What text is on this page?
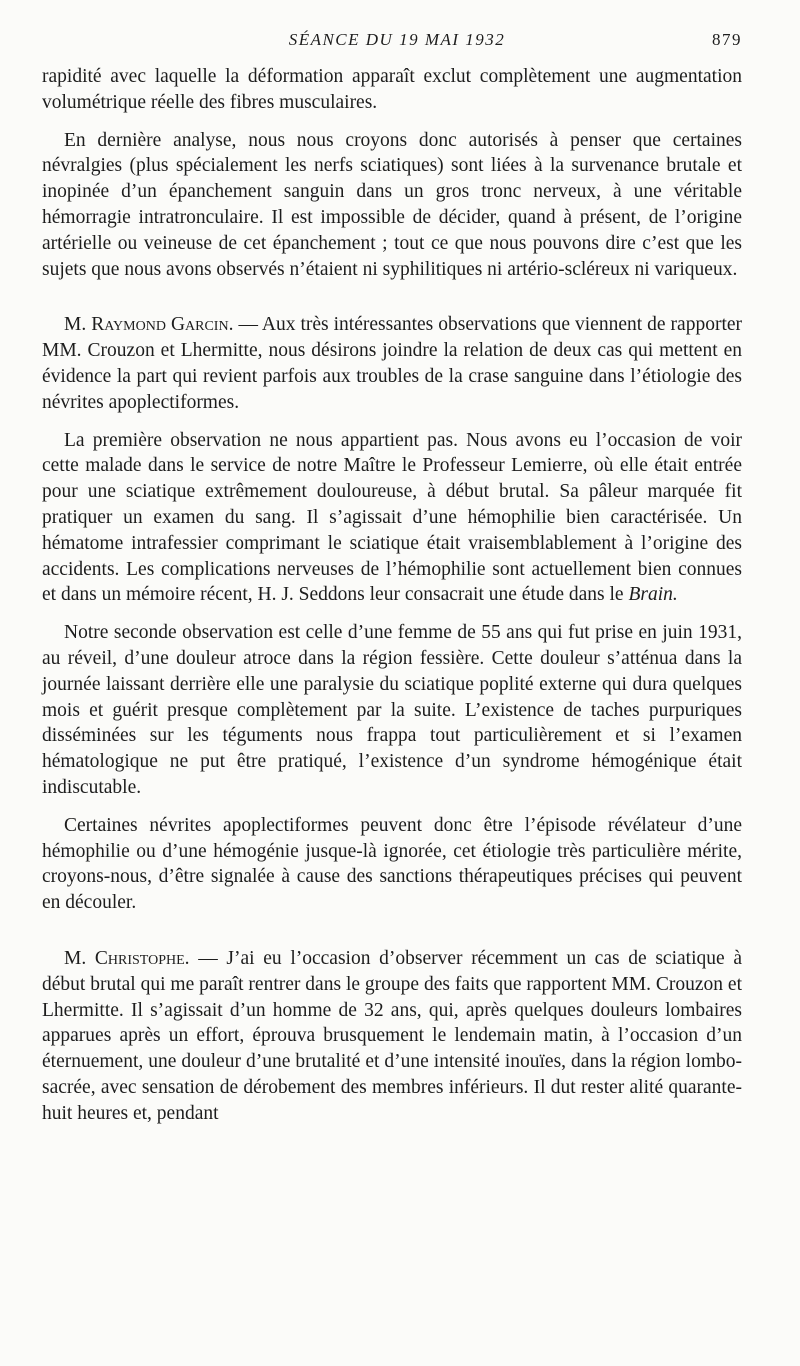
SÉANCE DU 19 MAI 1932	879

rapidité avec laquelle la déformation apparaît exclut complètement une augmentation volumétrique réelle des fibres musculaires.

En dernière analyse, nous nous croyons donc autorisés à penser que certaines névralgies (plus spécialement les nerfs sciatiques) sont liées à la survenance brutale et inopinée d’un épanchement sanguin dans un gros tronc nerveux, à une véritable hémorragie intratronculaire. Il est impossible de décider, quand à présent, de l’origine artérielle ou veineuse de cet épanchement ; tout ce que nous pouvons dire c’est que les sujets que nous avons observés n’étaient ni syphilitiques ni artério-scléreux ni variqueux.

M. Raymond Garcin. — Aux très intéressantes observations que viennent de rapporter MM. Crouzon et Lhermitte, nous désirons joindre la relation de deux cas qui mettent en évidence la part qui revient parfois aux troubles de la crase sanguine dans l’étiologie des névrites apoplectiformes.

La première observation ne nous appartient pas. Nous avons eu l’occasion de voir cette malade dans le service de notre Maître le Professeur Lemierre, où elle était entrée pour une sciatique extrêmement douloureuse, à début brutal. Sa pâleur marquée fit pratiquer un examen du sang. Il s’agissait d’une hémophilie bien caractérisée. Un hématome intrafessier comprimant le sciatique était vraisemblablement à l’origine des accidents. Les complications nerveuses de l’hémophilie sont actuellement bien connues et dans un mémoire récent, H. J. Seddons leur consacrait une étude dans le Brain.

Notre seconde observation est celle d’une femme de 55 ans qui fut prise en juin 1931, au réveil, d’une douleur atroce dans la région fessière. Cette douleur s’atténua dans la journée laissant derrière elle une paralysie du sciatique poplité externe qui dura quelques mois et guérit presque complètement par la suite. L’existence de taches purpuriques disséminées sur les téguments nous frappa tout particulièrement et si l’examen hématologique ne put être pratiqué, l’existence d’un syndrome hémogénique était indiscutable.

Certaines névrites apoplectiformes peuvent donc être l’épisode révélateur d’une hémophilie ou d’une hémogénie jusque-là ignorée, cet étiologie très particulière mérite, croyons-nous, d’être signalée à cause des sanctions thérapeutiques précises qui peuvent en découler.

M. Christophe. — J’ai eu l’occasion d’observer récemment un cas de sciatique à début brutal qui me paraît rentrer dans le groupe des faits que rapportent MM. Crouzon et Lhermitte. Il s’agissait d’un homme de 32 ans, qui, après quelques douleurs lombaires apparues après un effort, éprouva brusquement le lendemain matin, à l’occasion d’un éternuement, une douleur d’une brutalité et d’une intensité inouïes, dans la région lombo-sacrée, avec sensation de dérobement des membres inférieurs. Il dut rester alité quarante-huit heures et, pendant
